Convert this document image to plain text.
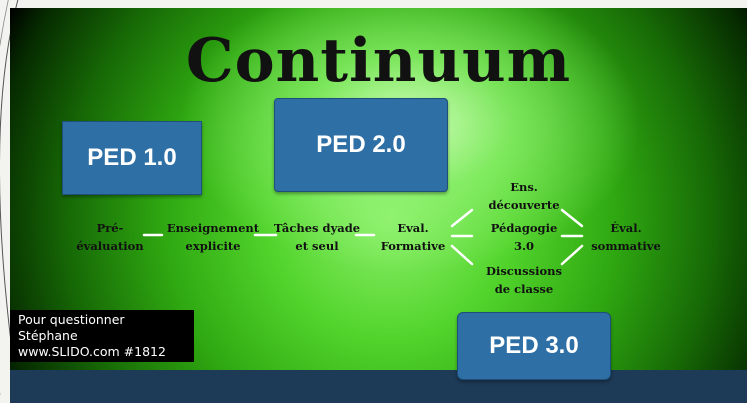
Continuum
PED 1.0	PED 2.0
PED 3.0
Pré-
évaluation
Enseignement
explicite
Tâches dyade
et seul
Eval.
Formative
Ens.
découverte
Pédagogie
3.0
Discussions
de classe
Éval.
sommative
Pour questionner
Stéphane
www.SLIDO.com #1812
